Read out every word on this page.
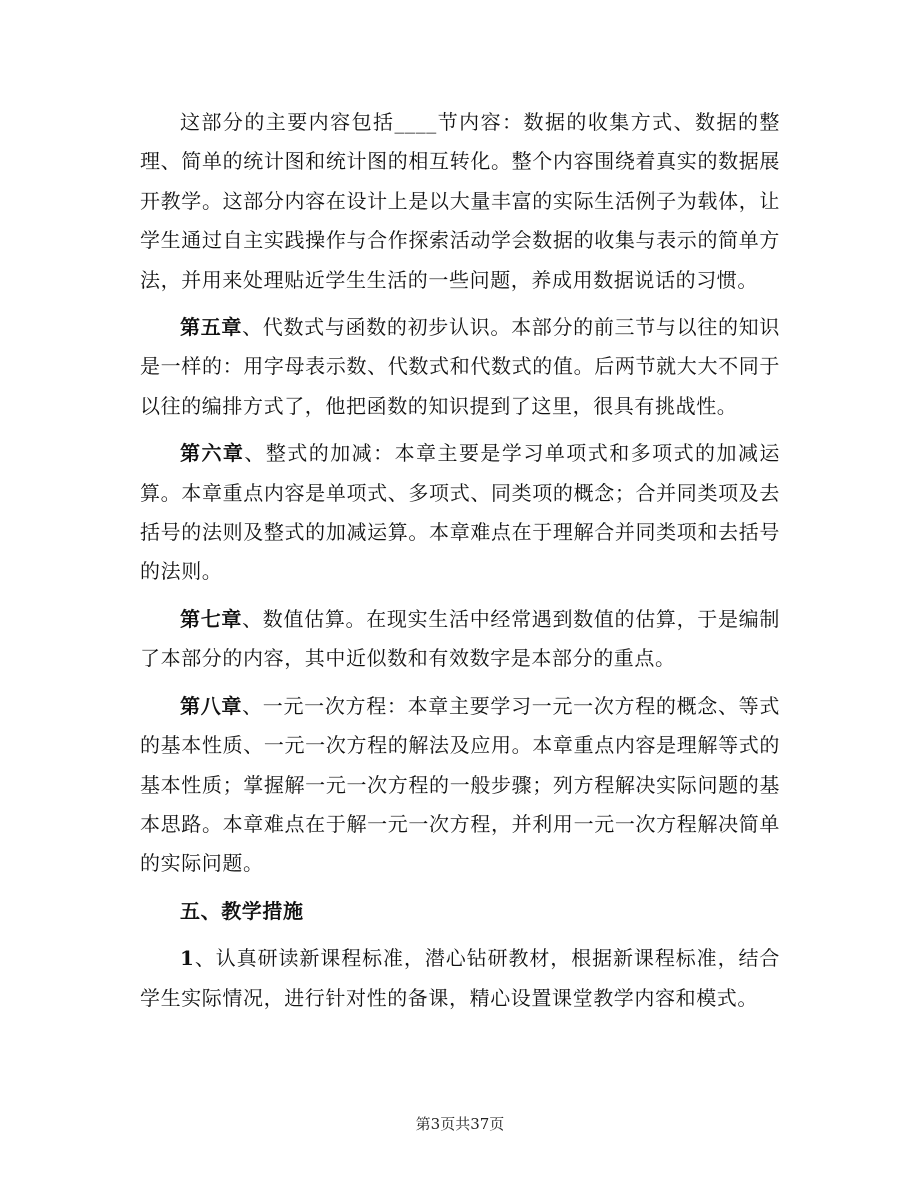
这部分的主要内容包括____节内容：数据的收集方式、数据的整理、简单的统计图和统计图的相互转化。整个内容围绕着真实的数据展开教学。这部分内容在设计上是以大量丰富的实际生活例子为载体，让学生通过自主实践操作与合作探索活动学会数据的收集与表示的简单方法，并用来处理贴近学生生活的一些问题，养成用数据说话的习惯。

第五章、代数式与函数的初步认识。本部分的前三节与以往的知识是一样的：用字母表示数、代数式和代数式的值。后两节就大大不同于以往的编排方式了，他把函数的知识提到了这里，很具有挑战性。

第六章、整式的加减：本章主要是学习单项式和多项式的加减运算。本章重点内容是单项式、多项式、同类项的概念；合并同类项及去括号的法则及整式的加减运算。本章难点在于理解合并同类项和去括号的法则。

第七章、数值估算。在现实生活中经常遇到数值的估算，于是编制了本部分的内容，其中近似数和有效数字是本部分的重点。

第八章、一元一次方程：本章主要学习一元一次方程的概念、等式的基本性质、一元一次方程的解法及应用。本章重点内容是理解等式的基本性质；掌握解一元一次方程的一般步骤；列方程解决实际问题的基本思路。本章难点在于解一元一次方程，并利用一元一次方程解决简单的实际问题。

五、教学措施

1、认真研读新课程标准，潜心钻研教材，根据新课程标准，结合学生实际情况，进行针对性的备课，精心设置课堂教学内容和模式。

第3页共37页
